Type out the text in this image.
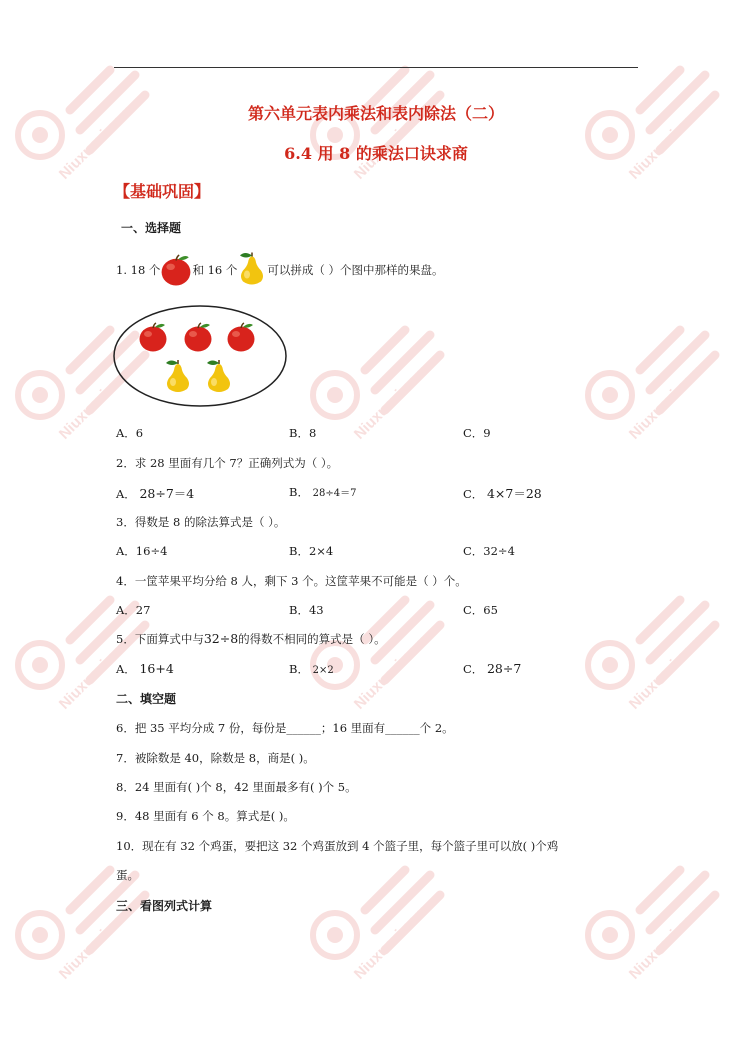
第六单元表内乘法和表内除法（二）
6.4 用 8 的乘法口诀求商
【基础巩固】
一、选择题
1.
18 个	和 16 个	可以拼成（ ）个图中那样的果盘。
A．6	B．8	C．9
2．求 28 里面有几个 7？正确列式为（ ）。
A． 28÷7＝4	B． 28÷4＝7	C． 4×7＝28
3．得数是 8 的除法算式是（ ）。
A．16÷4	B．2×4	C．32÷4
4．一筐苹果平均分给 8 人，剩下 3 个。这筐苹果不可能是（ ）个。
A．27	B．43	C．65
5．下面算式中与32÷8的得数不相同的算式是（ ）。
A． 16+4	B． 2×2	C． 28÷7
二、填空题
6．把 35 平均分成 7 份，每份是______；16 里面有______个 2。
7．被除数是 40，除数是 8，商是( )。
8．24 里面有( )个 8，42 里面最多有( )个 5。
9．48 里面有 6 个 8。算式是( )。
10．现在有 32 个鸡蛋，要把这 32 个鸡蛋放到 4 个篮子里，每个篮子里可以放( )个鸡
蛋。
三、看图列式计算
